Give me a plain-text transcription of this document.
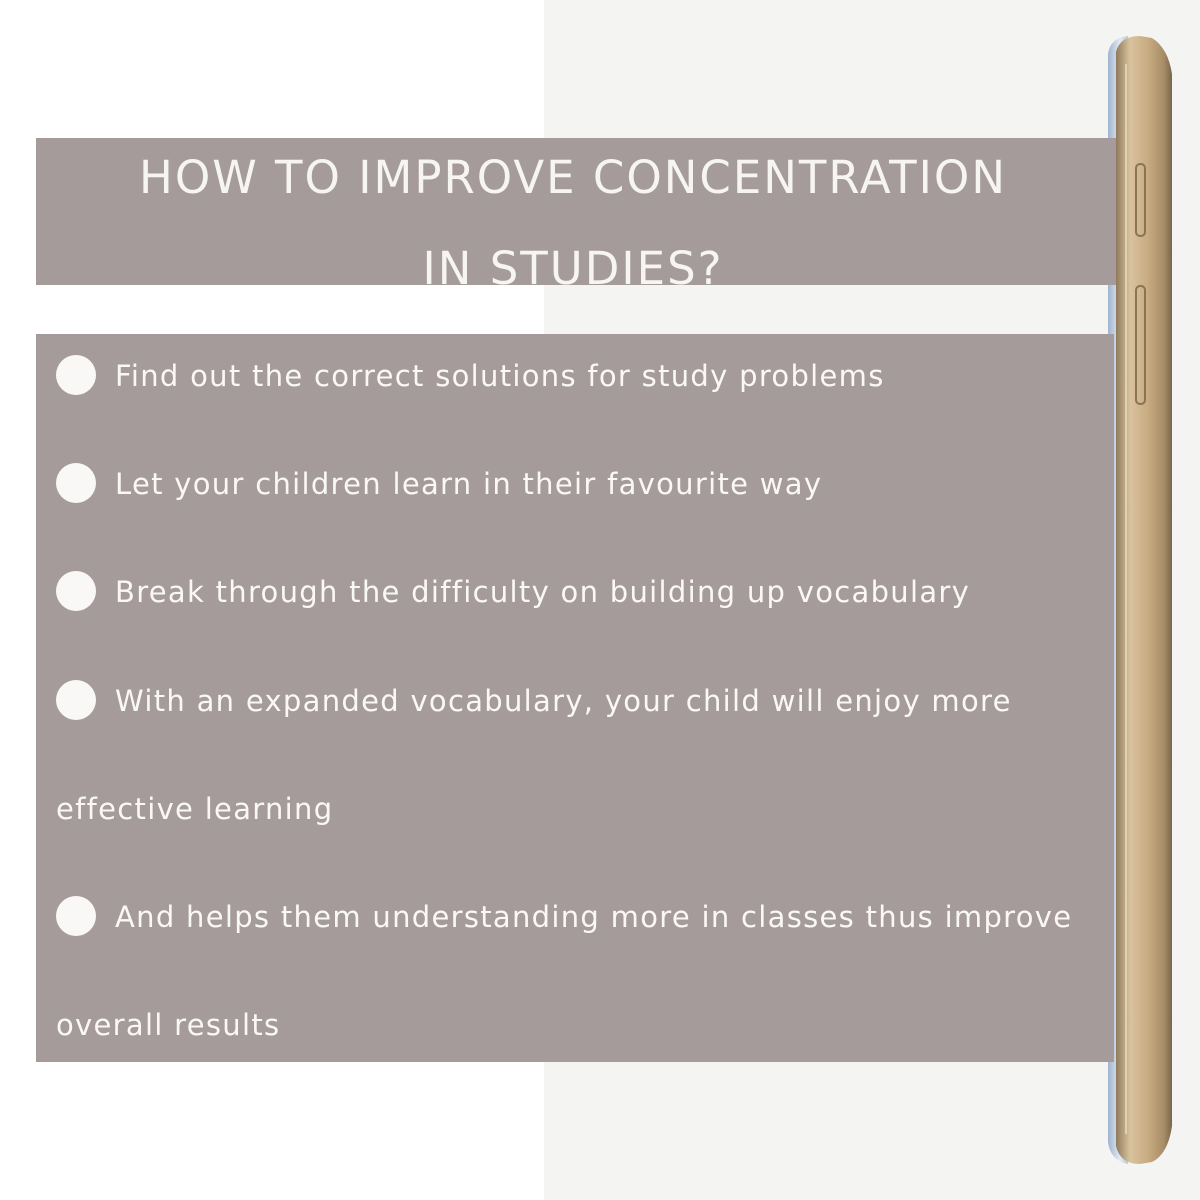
HOW TO IMPROVE CONCENTRATION
IN STUDIES?
Find out the correct solutions for study problems
Let your children learn in their favourite way
Break through the difficulty on building up vocabulary
With an expanded vocabulary, your child will enjoy more
effective learning
And helps them understanding more in classes thus improve
overall results
